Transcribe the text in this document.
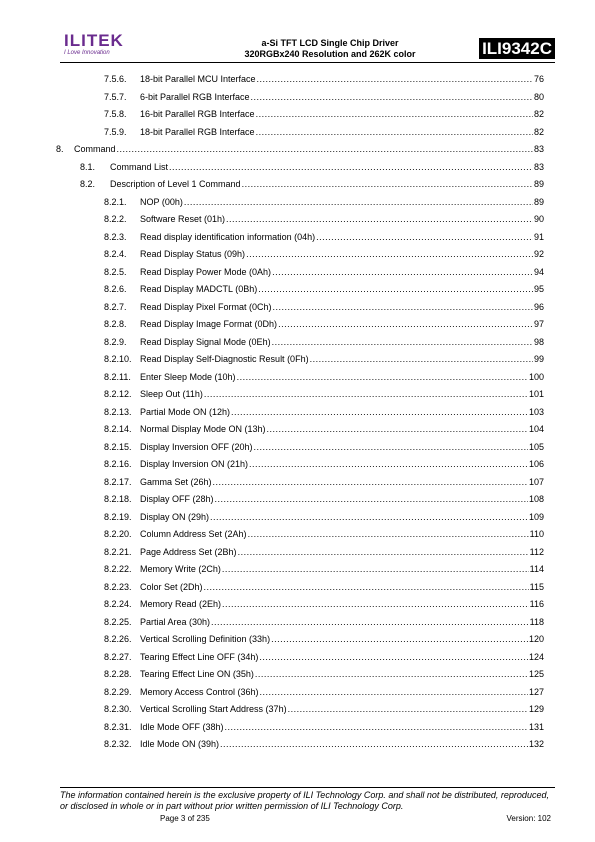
ILITEK
I Love Innovation
a-Si TFT LCD Single Chip Driver
320RGBx240 Resolution and 262K color	ILI9342C
7.5.6.	18-bit Parallel MCU Interface .....	76
7.5.7.	6-bit Parallel RGB Interface .....	80
7.5.8.	16-bit Parallel RGB Interface .....	82
7.5.9.	18-bit Parallel RGB Interface .....	82
8.	Command .....	83
8.1.	Command List .....	83
8.2.	Description of Level 1 Command .....	89
8.2.1.	NOP (00h) .....	89
8.2.2.	Software Reset (01h) .....	90
8.2.3.	Read display identification information (04h) .....	91
8.2.4.	Read Display Status (09h) .....	92
8.2.5.	Read Display Power Mode (0Ah) .....	94
8.2.6.	Read Display MADCTL (0Bh) .....	95
8.2.7.	Read Display Pixel Format (0Ch) .....	96
8.2.8.	Read Display Image Format (0Dh) .....	97
8.2.9.	Read Display Signal Mode (0Eh) .....	98
8.2.10. Read Display Self-Diagnostic Result (0Fh) .....	99
8.2.11.	Enter Sleep Mode (10h) .....	100
8.2.12. Sleep Out (11h) .....	101
8.2.13. Partial Mode ON (12h) .....	103
8.2.14. Normal Display Mode ON (13h) .....	104
8.2.15. Display Inversion OFF (20h) .....	105
8.2.16. Display Inversion ON (21h) .....	106
8.2.17. Gamma Set (26h) .....	107
8.2.18. Display OFF (28h) .....	108
8.2.19. Display ON (29h) .....	109
8.2.20. Column Address Set (2Ah) .....	110
8.2.21. Page Address Set (2Bh) .....	112
8.2.22. Memory Write (2Ch) .....	114
8.2.23. Color Set (2Dh) .....	115
8.2.24. Memory Read (2Eh) .....	116
8.2.25. Partial Area (30h) .....	118
8.2.26. Vertical Scrolling Definition (33h) .....	120
8.2.27. Tearing Effect Line OFF (34h) .....	124
8.2.28. Tearing Effect Line ON (35h) .....	125
8.2.29. Memory Access Control (36h) .....	127
8.2.30. Vertical Scrolling Start Address (37h) .....	129
8.2.31. Idle Mode OFF (38h) .....	131
8.2.32. Idle Mode ON (39h) .....	132
The information contained herein is the exclusive property of ILI Technology Corp. and shall not be distributed, reproduced, or disclosed in whole or in part without prior written permission of ILI Technology Corp.
Page 3 of 235	Version: 102
